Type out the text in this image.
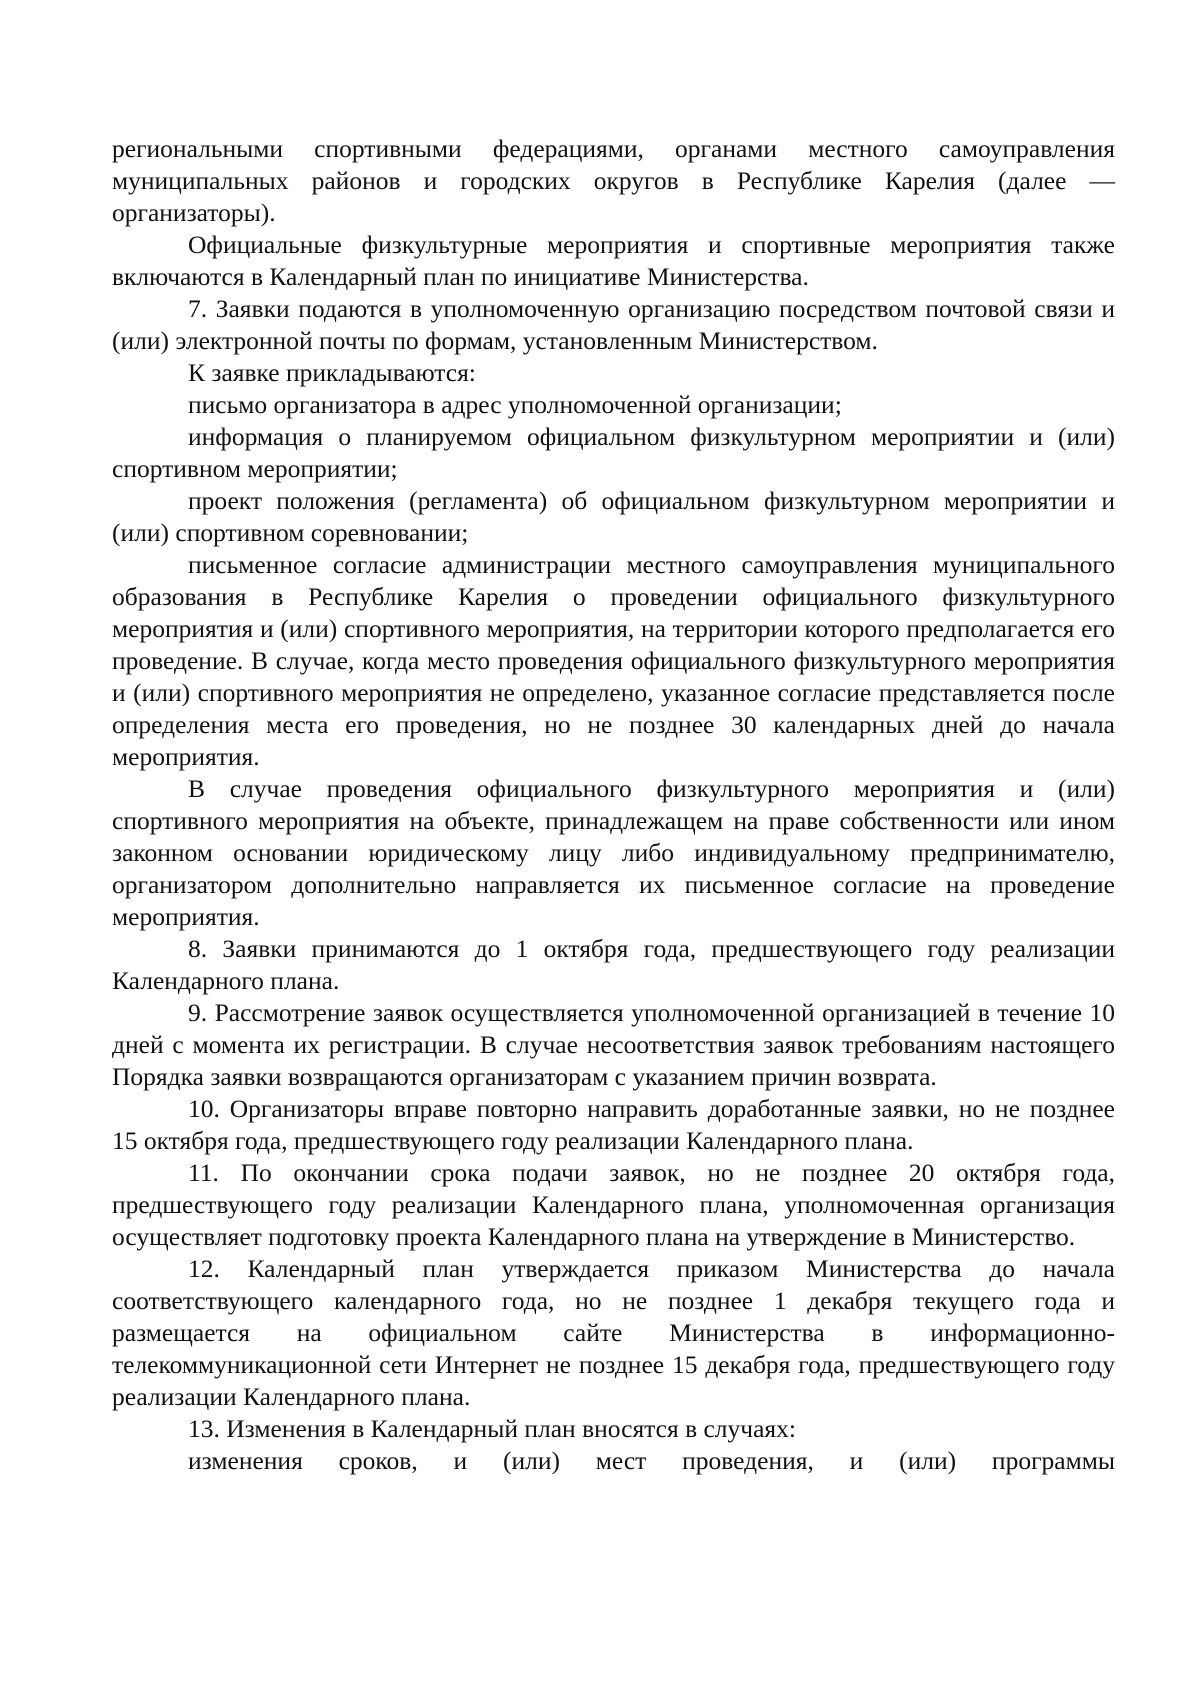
региональными спортивными федерациями, органами местного самоуправления муниципальных районов и городских округов в Республике Карелия (далее — организаторы).

Официальные физкультурные мероприятия и спортивные мероприятия также включаются в Календарный план по инициативе Министерства.

7. Заявки подаются в уполномоченную организацию посредством почтовой связи и (или) электронной почты по формам, установленным Министерством.

К заявке прикладываются:

письмо организатора в адрес уполномоченной организации;

информация о планируемом официальном физкультурном мероприятии и (или) спортивном мероприятии;

проект положения (регламента) об официальном физкультурном мероприятии и (или) спортивном соревновании;

письменное согласие администрации местного самоуправления муниципального образования в Республике Карелия о проведении официального физкультурного мероприятия и (или) спортивного мероприятия, на территории которого предполагается его проведение. В случае, когда место проведения официального физкультурного мероприятия и (или) спортивного мероприятия не определено, указанное согласие представляется после определения места его проведения, но не позднее 30 календарных дней до начала мероприятия.

В случае проведения официального физкультурного мероприятия и (или) спортивного мероприятия на объекте, принадлежащем на праве собственности или ином законном основании юридическому лицу либо индивидуальному предпринимателю, организатором дополнительно направляется их письменное согласие на проведение мероприятия.

8. Заявки принимаются до 1 октября года, предшествующего году реализации Календарного плана.

9. Рассмотрение заявок осуществляется уполномоченной организацией в течение 10 дней с момента их регистрации. В случае несоответствия заявок требованиям настоящего Порядка заявки возвращаются организаторам с указанием причин возврата.

10. Организаторы вправе повторно направить доработанные заявки, но не позднее 15 октября года, предшествующего году реализации Календарного плана.

11. По окончании срока подачи заявок, но не позднее 20 октября года, предшествующего году реализации Календарного плана, уполномоченная организация осуществляет подготовку проекта Календарного плана на утверждение в Министерство.

12. Календарный план утверждается приказом Министерства до начала соответствующего календарного года, но не позднее 1 декабря текущего года и размещается на официальном сайте Министерства в информационно-телекоммуникационной сети Интернет не позднее 15 декабря года, предшествующего году реализации Календарного плана.

13. Изменения в Календарный план вносятся в случаях:

изменения сроков, и (или) мест проведения, и (или) программы
